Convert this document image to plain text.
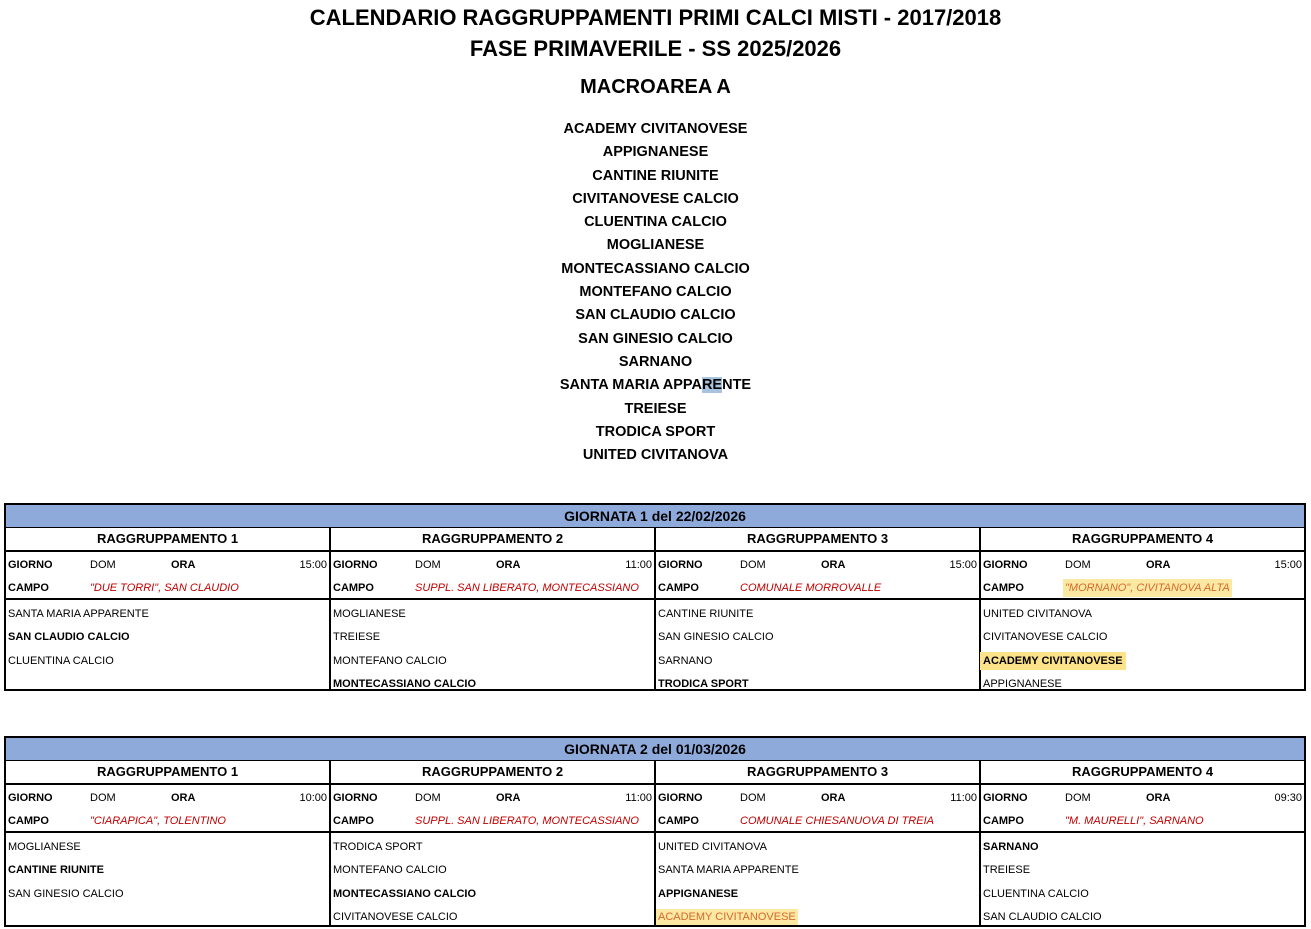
CALENDARIO RAGGRUPPAMENTI PRIMI CALCI MISTI - 2017/2018
FASE PRIMAVERILE - SS 2025/2026
MACROAREA A
ACADEMY CIVITANOVESE
APPIGNANESE
CANTINE RIUNITE
CIVITANOVESE CALCIO
CLUENTINA CALCIO
MOGLIANESE
MONTECASSIANO CALCIO
MONTEFANO CALCIO
SAN CLAUDIO CALCIO
SAN GINESIO CALCIO
SARNANO
SANTA MARIA APPARENTE
TREIESE
TRODICA SPORT
UNITED CIVITANOVA
GIORNATA 1 del 22/02/2026
RAGGRUPPAMENTO 1
GIORNO	DOM	ORA	15:00
CAMPO	"DUE TORRI", SAN CLAUDIO
SANTA MARIA APPARENTE
SAN CLAUDIO CALCIO
CLUENTINA CALCIO
RAGGRUPPAMENTO 2
GIORNO	DOM	ORA	11:00
CAMPO	SUPPL. SAN LIBERATO, MONTECASSIANO
MOGLIANESE
TREIESE
MONTEFANO CALCIO
MONTECASSIANO CALCIO
RAGGRUPPAMENTO 3
GIORNO	DOM	ORA	15:00
CAMPO	COMUNALE MORROVALLE
CANTINE RIUNITE
SAN GINESIO CALCIO
SARNANO
TRODICA SPORT
RAGGRUPPAMENTO 4
GIORNO	DOM	ORA	15:00
CAMPO	"MORNANO", CIVITANOVA ALTA
UNITED CIVITANOVA
CIVITANOVESE CALCIO
ACADEMY CIVITANOVESE
APPIGNANESE
GIORNATA 2 del 01/03/2026
RAGGRUPPAMENTO 1
GIORNO	DOM	ORA	10:00
CAMPO	"CIARAPICA", TOLENTINO
MOGLIANESE
CANTINE RIUNITE
SAN GINESIO CALCIO
RAGGRUPPAMENTO 2
GIORNO	DOM	ORA	11:00
CAMPO	SUPPL. SAN LIBERATO, MONTECASSIANO
TRODICA SPORT
MONTEFANO CALCIO
MONTECASSIANO CALCIO
CIVITANOVESE CALCIO
RAGGRUPPAMENTO 3
GIORNO	DOM	ORA	11:00
CAMPO	COMUNALE CHIESANUOVA DI TREIA
UNITED CIVITANOVA
SANTA MARIA APPARENTE
APPIGNANESE
ACADEMY CIVITANOVESE
RAGGRUPPAMENTO 4
GIORNO	DOM	ORA	09:30
CAMPO	"M. MAURELLI", SARNANO
SARNANO
TREIESE
CLUENTINA CALCIO
SAN CLAUDIO CALCIO
